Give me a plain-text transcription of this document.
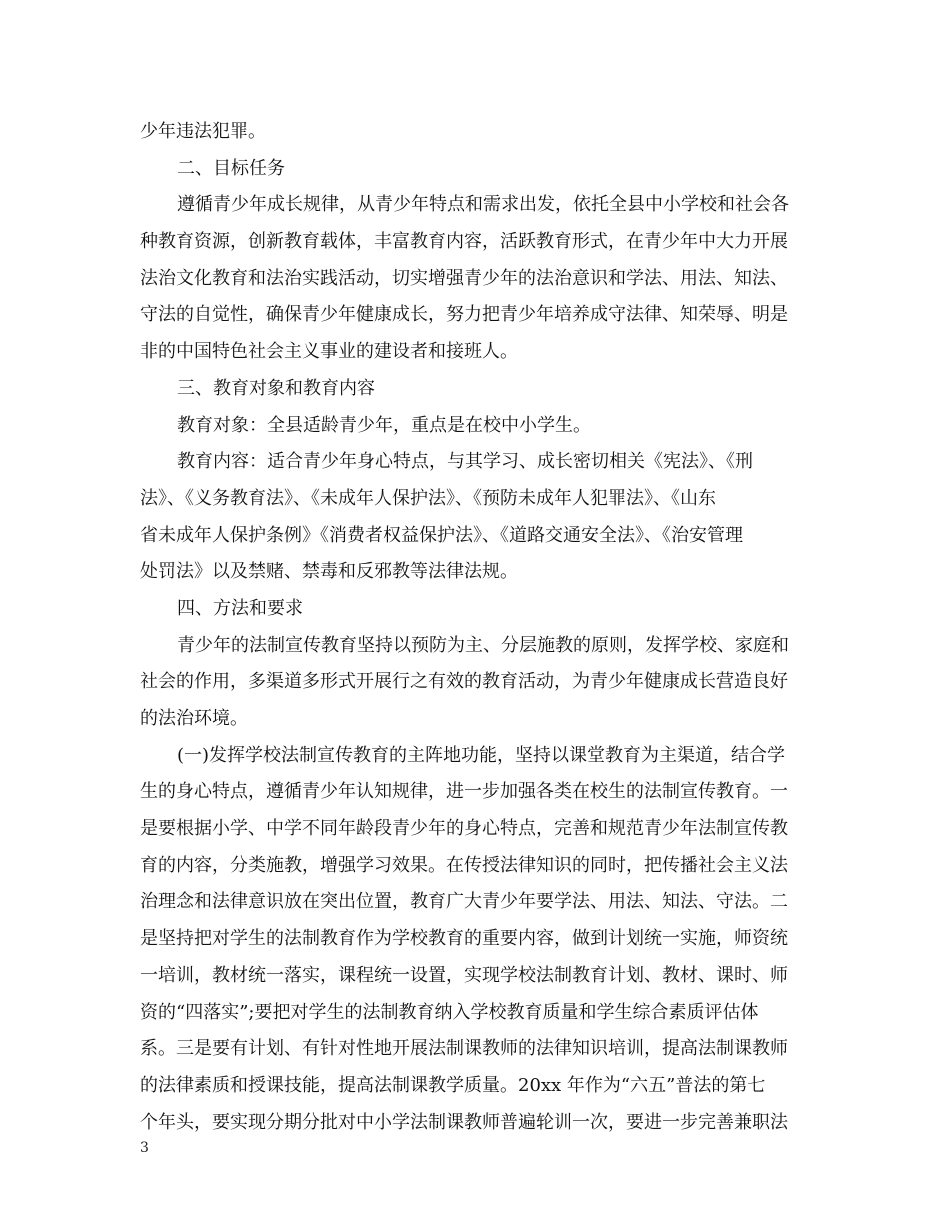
少年违法犯罪。
二、目标任务
遵循青少年成长规律，从青少年特点和需求出发，依托全县中小学校和社会各
种教育资源，创新教育载体，丰富教育内容，活跃教育形式，在青少年中大力开展
法治文化教育和法治实践活动，切实增强青少年的法治意识和学法、用法、知法、
守法的自觉性，确保青少年健康成长，努力把青少年培养成守法律、知荣辱、明是
非的中国特色社会主义事业的建设者和接班人。
三、教育对象和教育内容
教育对象：全县适龄青少年，重点是在校中小学生。
教育内容：适合青少年身心特点，与其学习、成长密切相关《宪法》、《刑
法》、《义务教育法》、《未成年人保护法》、《预防未成年人犯罪法》、《山东
省未成年人保护条例》《消费者权益保护法》、《道路交通安全法》、《治安管理
处罚法》以及禁赌、禁毒和反邪教等法律法规。
四、方法和要求
青少年的法制宣传教育坚持以预防为主、分层施教的原则，发挥学校、家庭和
社会的作用，多渠道多形式开展行之有效的教育活动，为青少年健康成长营造良好
的法治环境。
(一)发挥学校法制宣传教育的主阵地功能，坚持以课堂教育为主渠道，结合学
生的身心特点，遵循青少年认知规律，进一步加强各类在校生的法制宣传教育。一
是要根据小学、中学不同年龄段青少年的身心特点，完善和规范青少年法制宣传教
育的内容，分类施教，增强学习效果。在传授法律知识的同时，把传播社会主义法
治理念和法律意识放在突出位置，教育广大青少年要学法、用法、知法、守法。二
是坚持把对学生的法制教育作为学校教育的重要内容，做到计划统一实施，师资统
一培训，教材统一落实，课程统一设置，实现学校法制教育计划、教材、课时、师
资的“四落实”;要把对学生的法制教育纳入学校教育质量和学生综合素质评估体
系。三是要有计划、有针对性地开展法制课教师的法律知识培训，提高法制课教师
的法律素质和授课技能，提高法制课教学质量。20xx 年作为“六五”普法的第七
个年头，要实现分期分批对中小学法制课教师普遍轮训一次，要进一步完善兼职法
3
